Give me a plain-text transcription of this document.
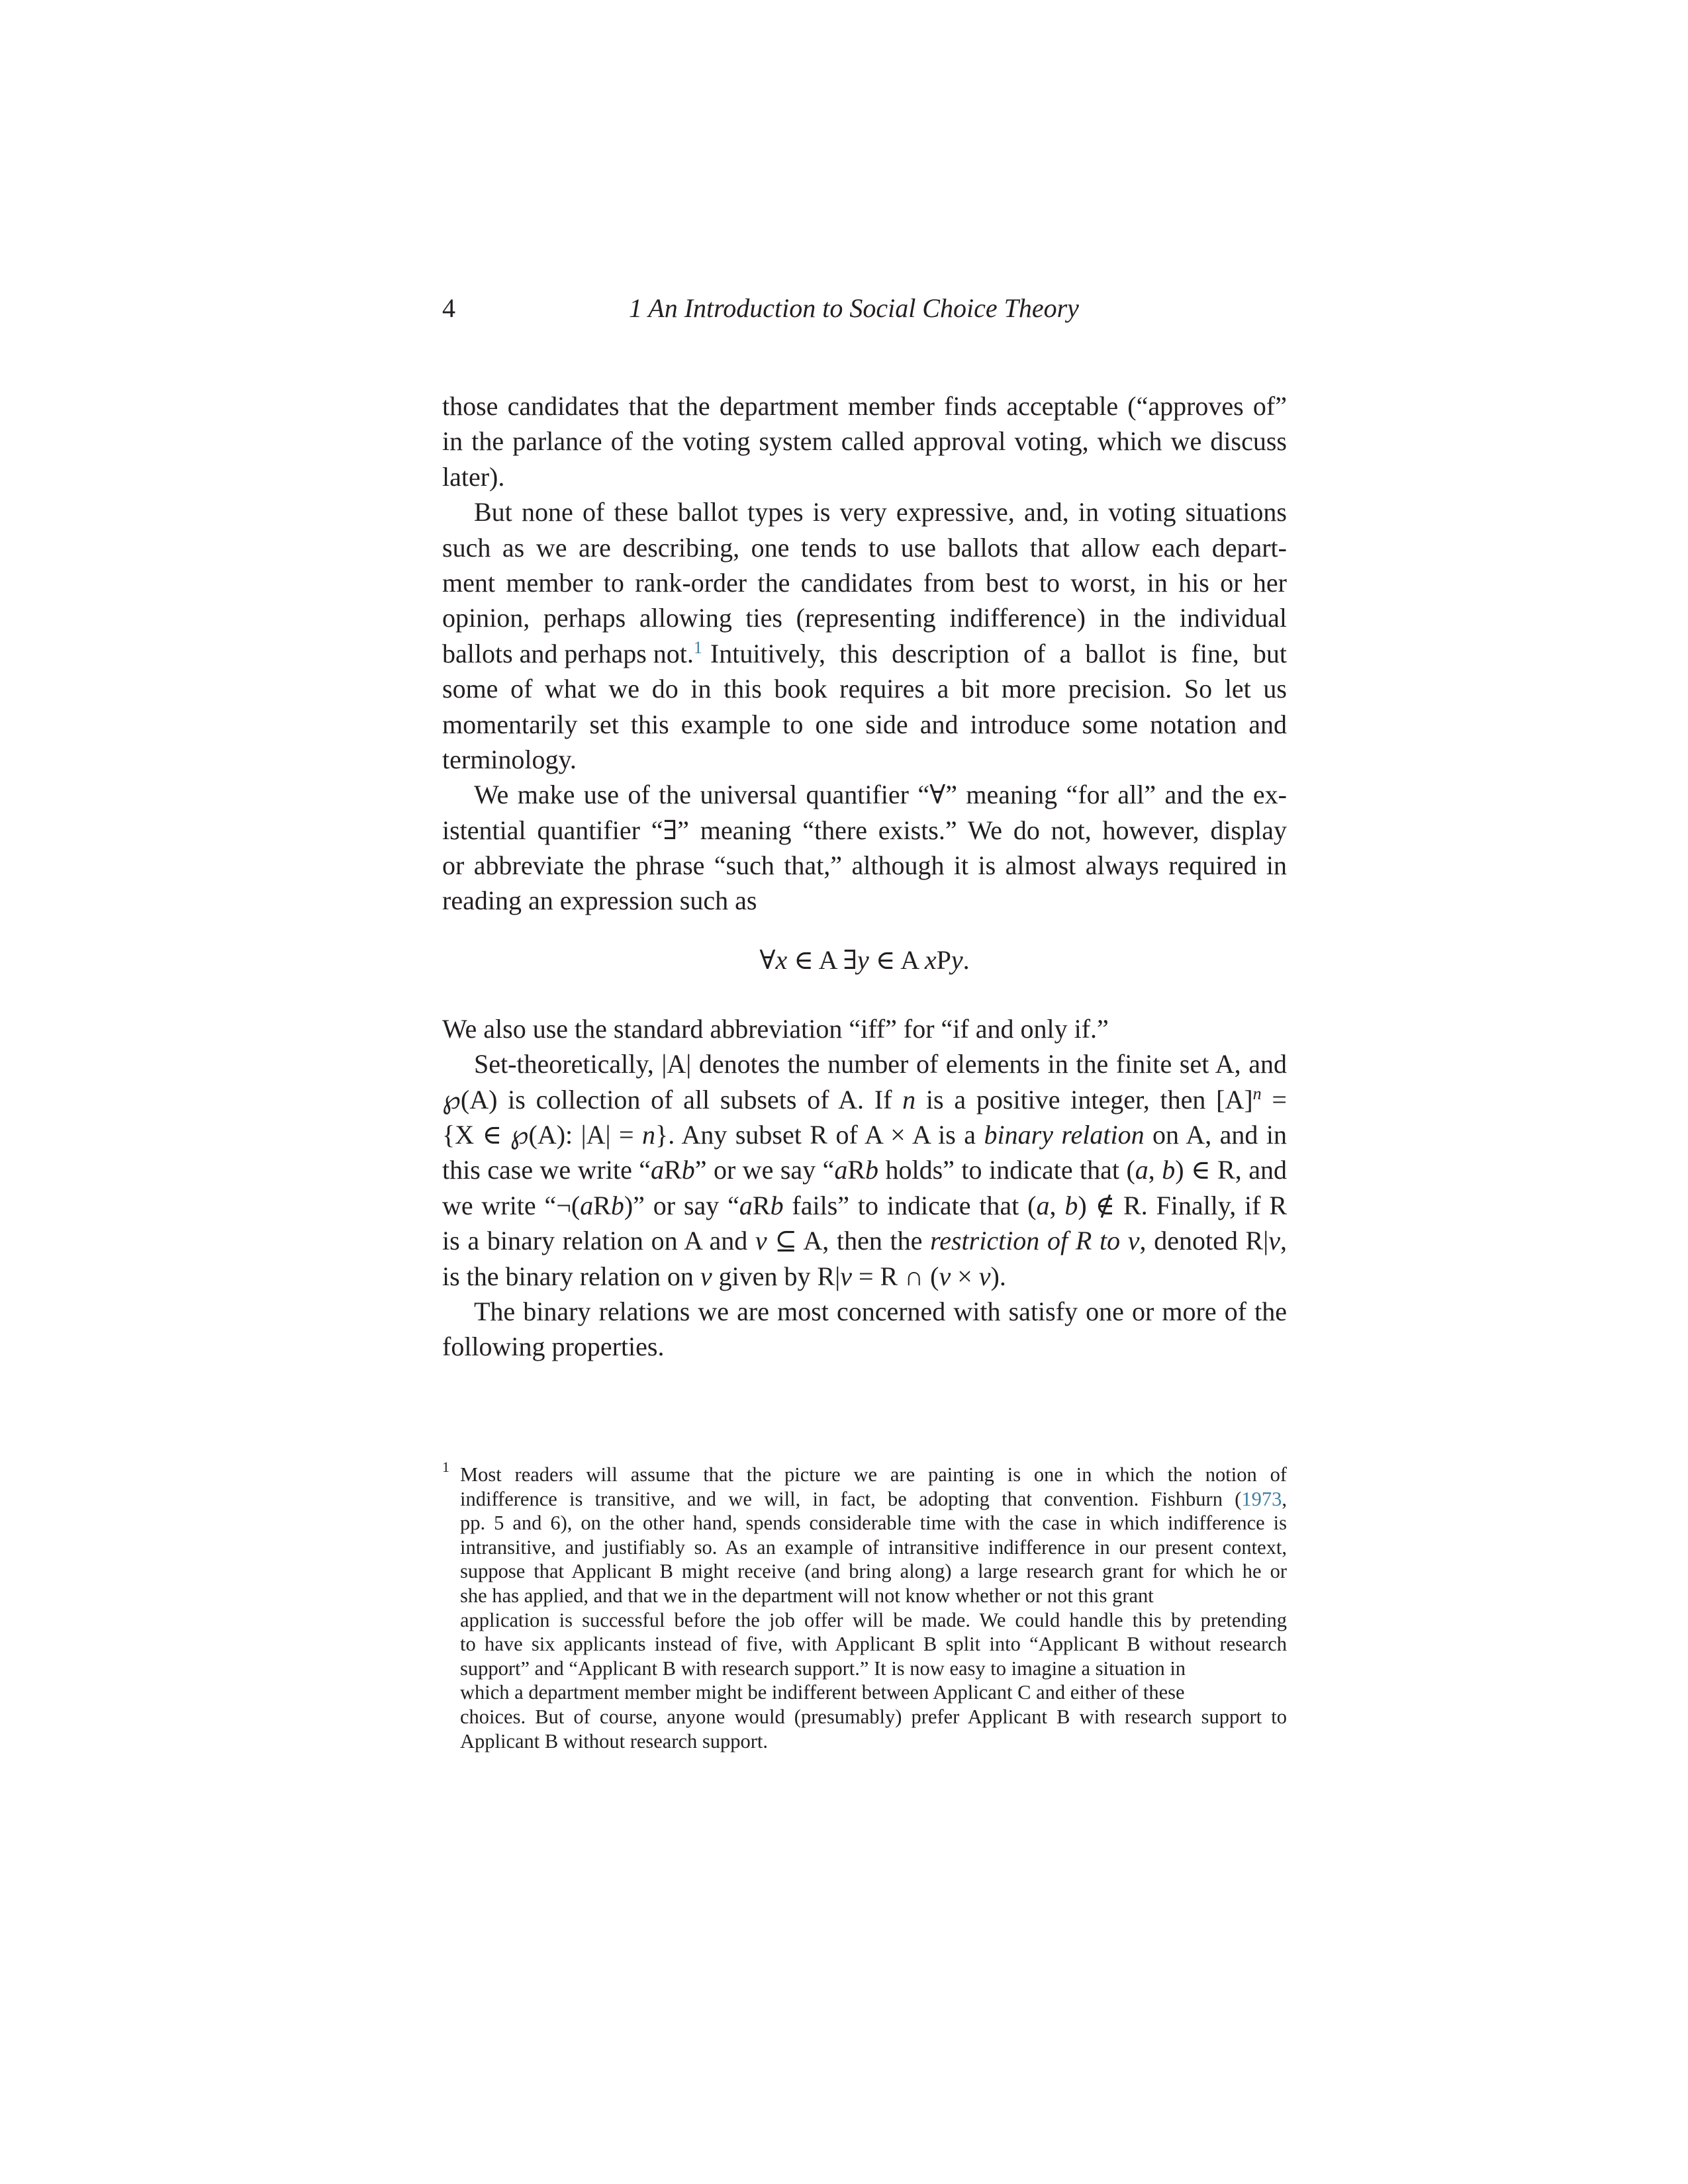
4	1 An Introduction to Social Choice Theory
those candidates that the department member finds acceptable (“approves of”
in the parlance of the voting system called approval voting, which we discuss
later).
But none of these ballot types is very expressive, and, in voting situations
such as we are describing, one tends to use ballots that allow each depart-
ment member to rank-order the candidates from best to worst, in his or her
opinion, perhaps allowing ties (representing indifference) in the individual
ballots and perhaps not.$^1$ Intuitively, this description of a ballot is fine, but
some of what we do in this book requires a bit more precision. So let us
momentarily set this example to one side and introduce some notation and
terminology.
We make use of the universal quantifier “∀” meaning “for all” and the ex-
istential quantifier “∃” meaning “there exists.” We do not, however, display
or abbreviate the phrase “such that,” although it is almost always required in
reading an expression such as
∀x ∈ A ∃y ∈ A xPy.
We also use the standard abbreviation “iff” for “if and only if.”
Set-theoretically, |A| denotes the number of elements in the finite set A, and
℘(A) is collection of all subsets of A. If n is a positive integer, then $[A]^n$ =
{X ∈ ℘(A): |A| = n}. Any subset R of A × A is a binary relation on A, and in
this case we write “aRb” or we say “aRb holds” to indicate that (a, b) ∈ R, and
we write “¬(aRb)” or say “aRb fails” to indicate that (a, b) ∉ R. Finally, if R
is a binary relation on A and v ⊆ A, then the restriction of R to v, denoted R|v,
is the binary relation on v given by R|v = R ∩ (v × v).
The binary relations we are most concerned with satisfy one or more of the
following properties.
1 Most readers will assume that the picture we are painting is one in which the notion of
indifference is transitive, and we will, in fact, be adopting that convention. Fishburn (1973,
pp. 5 and 6), on the other hand, spends considerable time with the case in which indifference is
intransitive, and justifiably so. As an example of intransitive indifference in our present context,
suppose that Applicant B might receive (and bring along) a large research grant for which he or
she has applied, and that we in the department will not know whether or not this grant
application is successful before the job offer will be made. We could handle this by pretending
to have six applicants instead of five, with Applicant B split into “Applicant B without research
support” and “Applicant B with research support.” It is now easy to imagine a situation in
which a department member might be indifferent between Applicant C and either of these
choices. But of course, anyone would (presumably) prefer Applicant B with research support to
Applicant B without research support.
